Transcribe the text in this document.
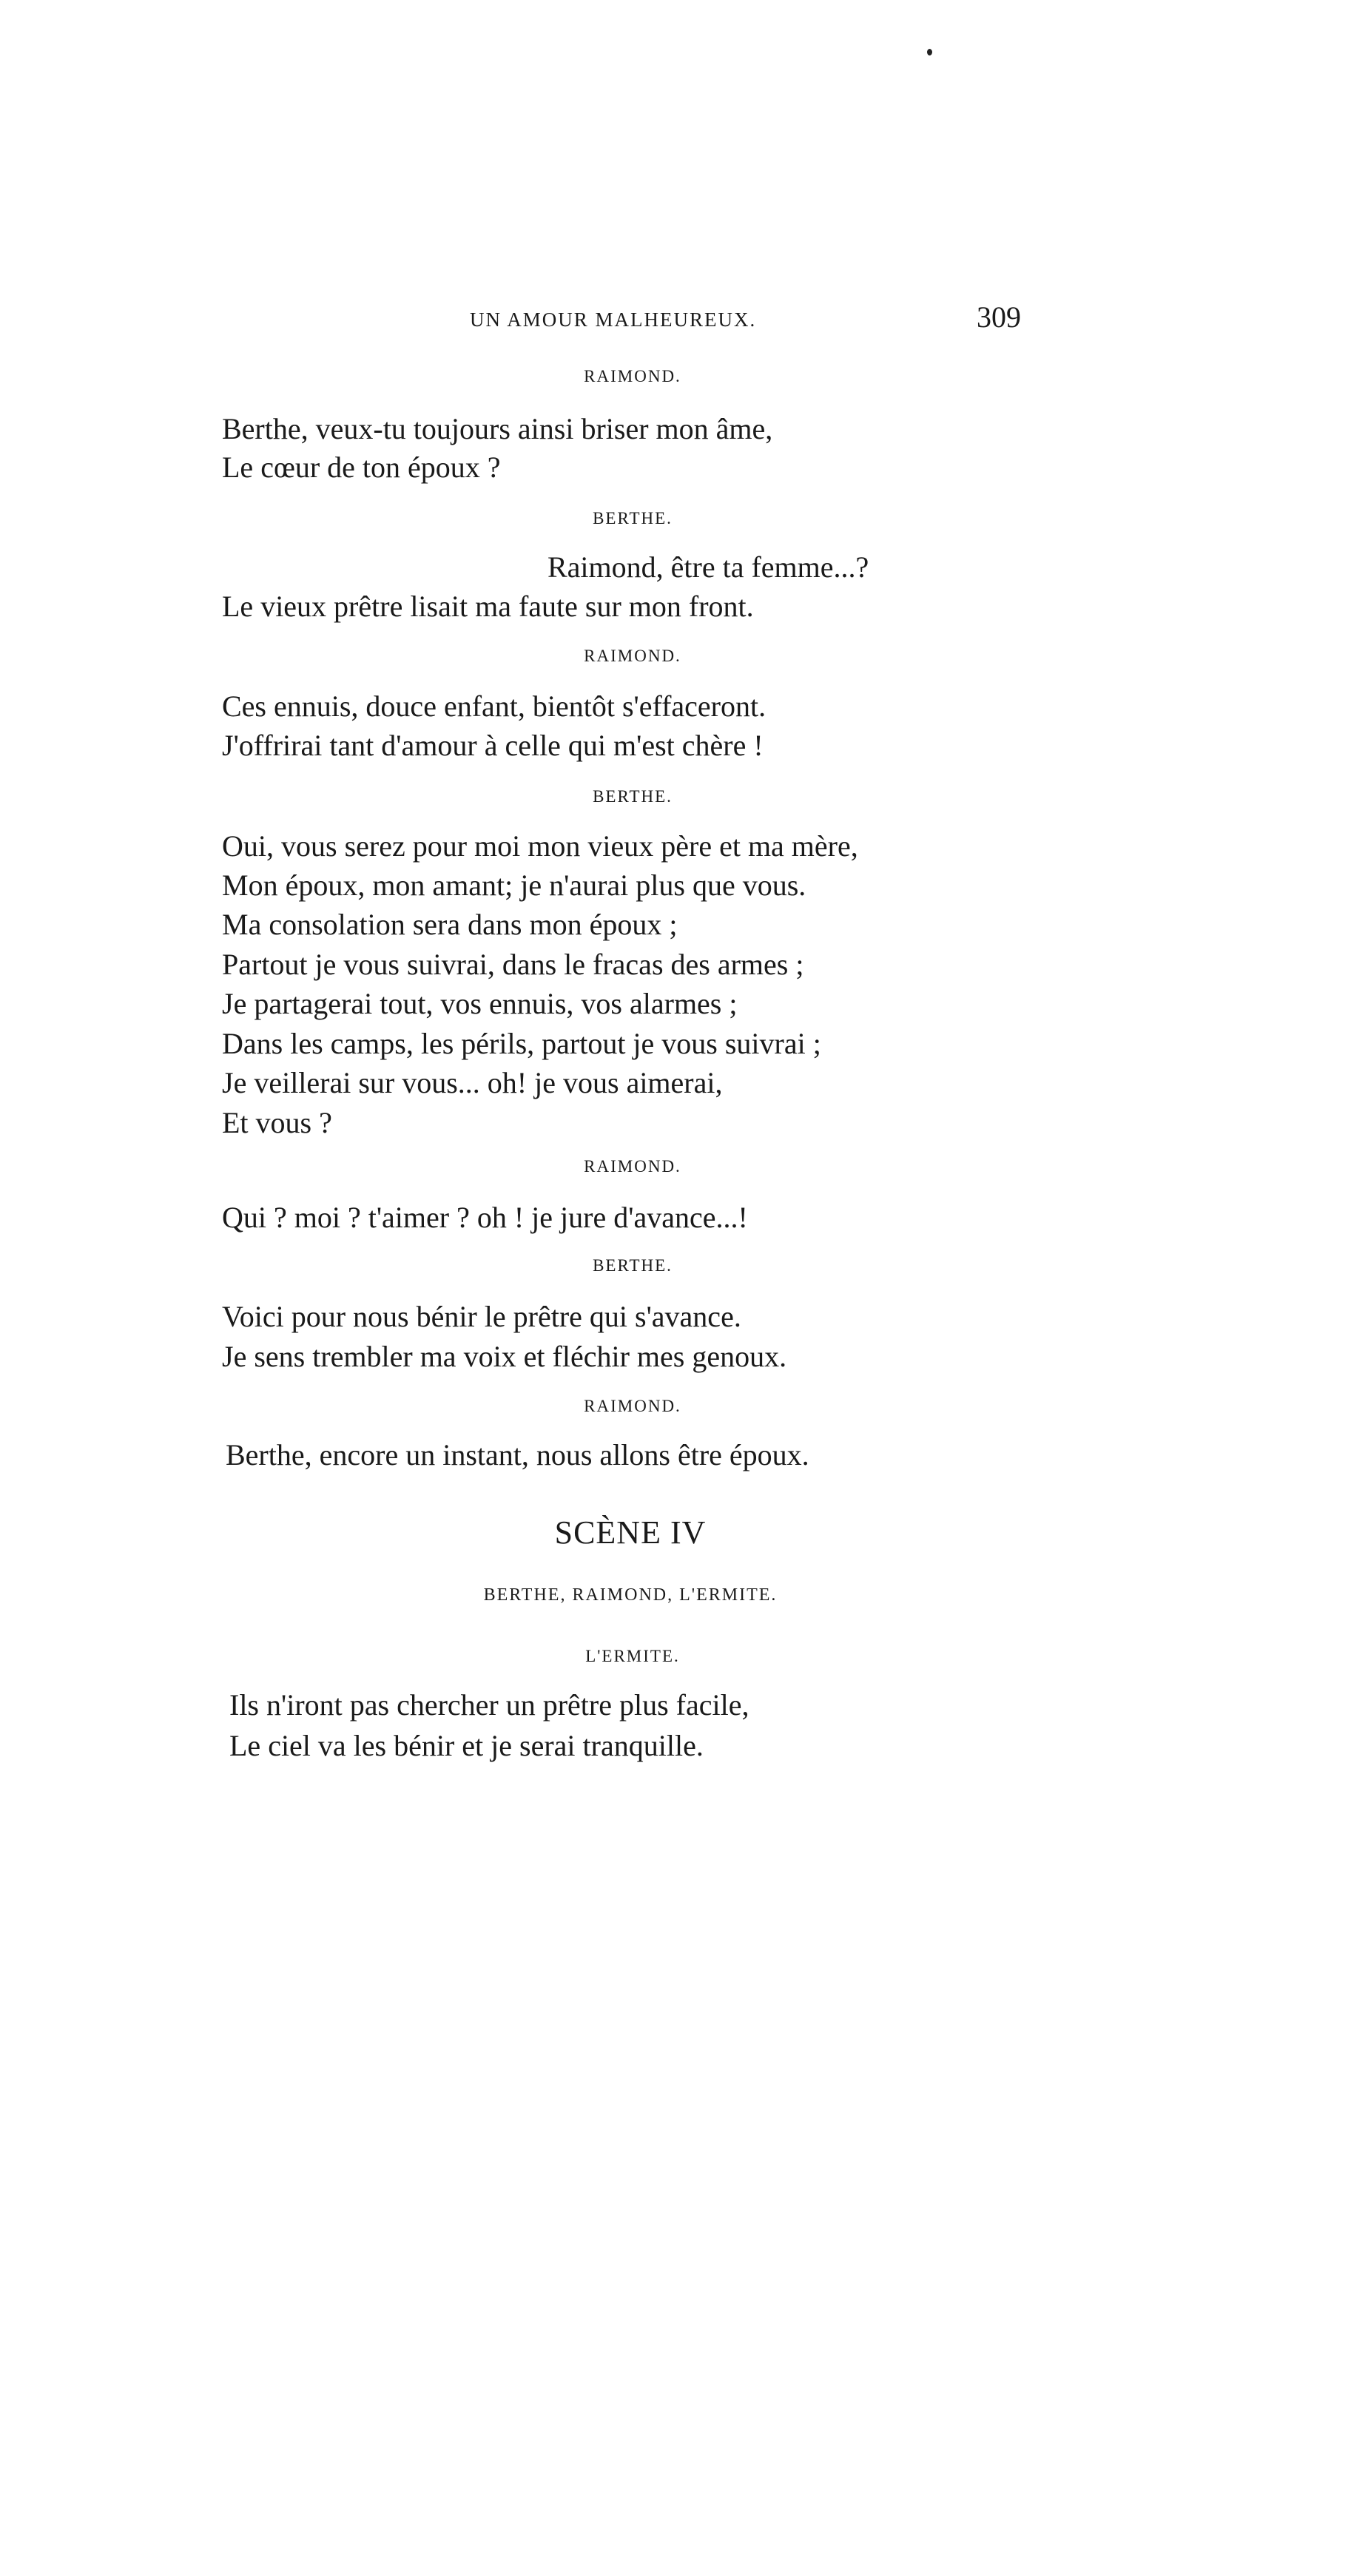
UN AMOUR MALHEUREUX.	309
RAIMOND.
Berthe, veux-tu toujours ainsi briser mon âme,
Le cœur de ton époux ?
BERTHE.
Raimond, être ta femme...?
Le vieux prêtre lisait ma faute sur mon front.
RAIMOND.
Ces ennuis, douce enfant, bientôt s'effaceront.
J'offrirai tant d'amour à celle qui m'est chère !
BERTHE.
Oui, vous serez pour moi mon vieux père et ma mère,
Mon époux, mon amant; je n'aurai plus que vous.
Ma consolation sera dans mon époux ;
Partout je vous suivrai, dans le fracas des armes ;
Je partagerai tout, vos ennuis, vos alarmes ;
Dans les camps, les périls, partout je vous suivrai ;
Je veillerai sur vous... oh! je vous aimerai,
Et vous ?
RAIMOND.
Qui ? moi ? t'aimer ? oh ! je jure d'avance...!
BERTHE.
Voici pour nous bénir le prêtre qui s'avance.
Je sens trembler ma voix et fléchir mes genoux.
RAIMOND.
Berthe, encore un instant, nous allons être époux.
SCÈNE IV
BERTHE, RAIMOND, L'ERMITE.
L'ERMITE.
Ils n'iront pas chercher un prêtre plus facile,
Le ciel va les bénir et je serai tranquille.
